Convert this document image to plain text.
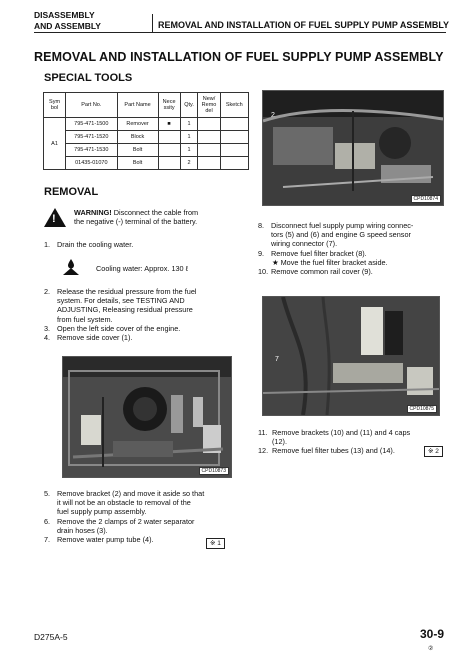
DISASSEMBLY
AND ASSEMBLY	REMOVAL AND INSTALLATION OF FUEL SUPPLY PUMP ASSEMBLY
REMOVAL AND INSTALLATION OF FUEL SUPPLY PUMP ASSEMBLY
SPECIAL TOOLS
Sym bol	Part No.	Part Name	Nece ssity	Qty.	New/ Remo del	Sketch
A1	795-471-1500	Remover	■	1		
	795-471-1520	Block		1		
	795-471-1530	Bolt		1		
	01435-01070	Bolt		2		
REMOVAL
!
WARNING! Disconnect the cable from
the negative (-) terminal of the battery.
1. Drain the cooling water.
Cooling water: Approx. 130 ℓ
2. Release the residual pressure from the fuel
system. For details, see TESTING AND
ADJUSTING, Releasing residual pressure
from fuel system.
3. Open the left side cover of the engine.
4. Remove side cover (1).
CPD10873
5. Remove bracket (2) and move it aside so that
it will not be an obstacle to removal of the
fuel supply pump assembly.
6. Remove the 2 clamps of 2 water separator
drain hoses (3).
7. Remove water pump tube (4).	※ 1
2
CPD10874
8. Disconnect fuel supply pump wiring connec-
tors (5) and (6) and engine G speed sensor
wiring connector (7).
9. Remove fuel filter bracket (8).
★ Move the fuel filter bracket aside.
10. Remove common rail cover (9).
7
CPD10875
11. Remove brackets (10) and (11) and 4 caps
(12).
12. Remove fuel filter tubes (13) and (14).	※ 2
D275A-5	30-9
②
